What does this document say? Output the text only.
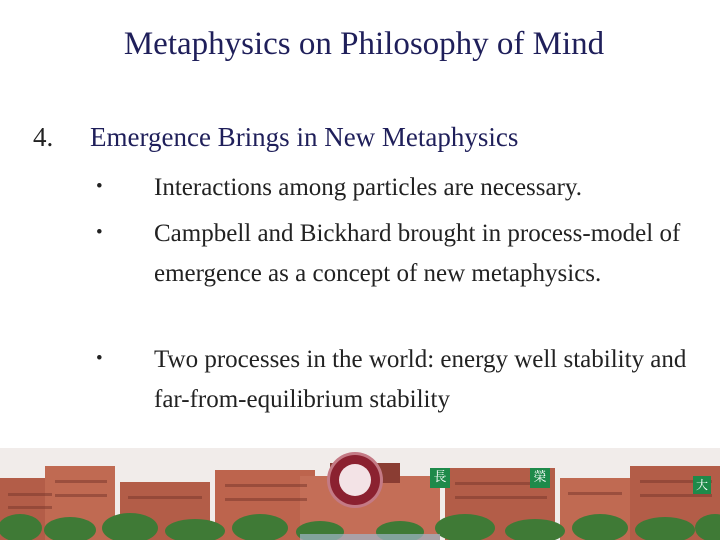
Metaphysics on Philosophy of Mind
4. Emergence Brings in New Metaphysics
• Interactions among particles are necessary.
• Campbell and Bickhard brought in process-model of emergence as a concept of new metaphysics.
• Two processes in the world: energy well stability and far-from-equilibrium stability
長	榮	大
